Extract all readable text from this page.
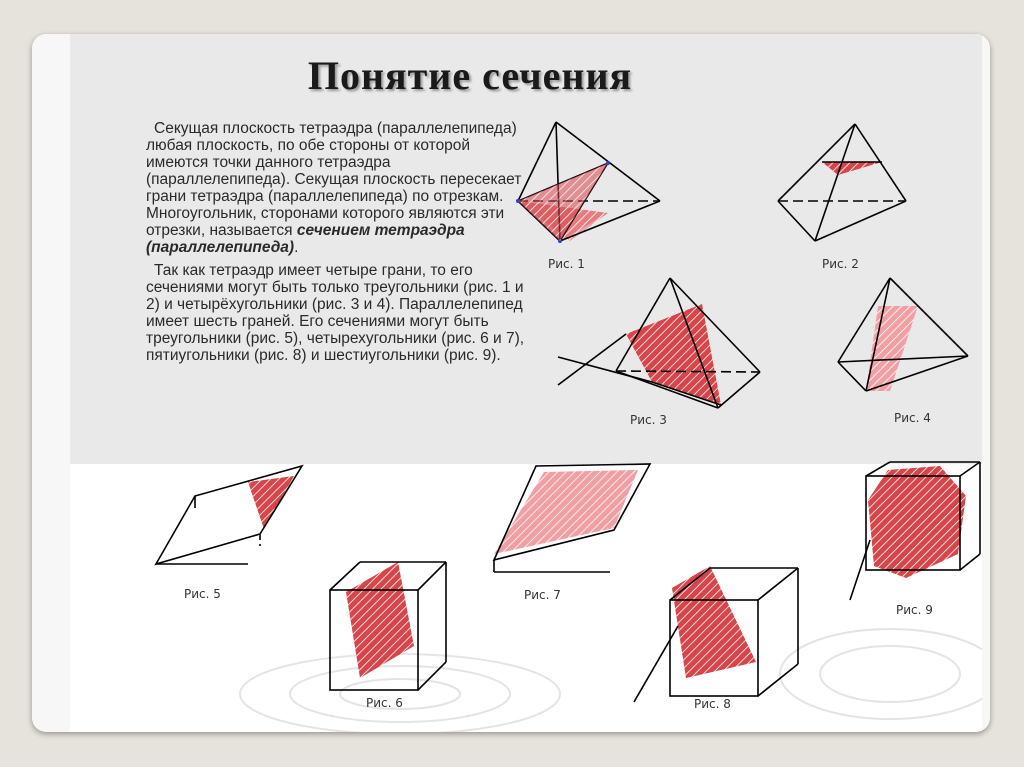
Понятие сечения

Секущая плоскость тетраэдра (параллелепипеда) любая плоскость, по обе стороны от которой имеются точки данного тетраэдра (параллелепипеда). Секущая плоскость пересекает грани тетраэдра (параллелепипеда) по отрезкам. Многоугольник, сторонами которого являются эти отрезки, называется сечением тетраэдра (параллелепипеда).

Так как тетраэдр имеет четыре грани, то его сечениями могут быть только треугольники (рис. 1 и 2) и четырёхугольники (рис. 3 и 4). Параллелепипед имеет шесть граней. Его сечениями могут быть треугольники (рис. 5), четырехугольники (рис. 6 и 7), пятиугольники (рис. 8) и шестиугольники (рис. 9).

Рис. 1	Рис. 2
Рис. 3	Рис. 4
Рис. 5
Рис. 6
Рис. 7
Рис. 8
Рис. 9
